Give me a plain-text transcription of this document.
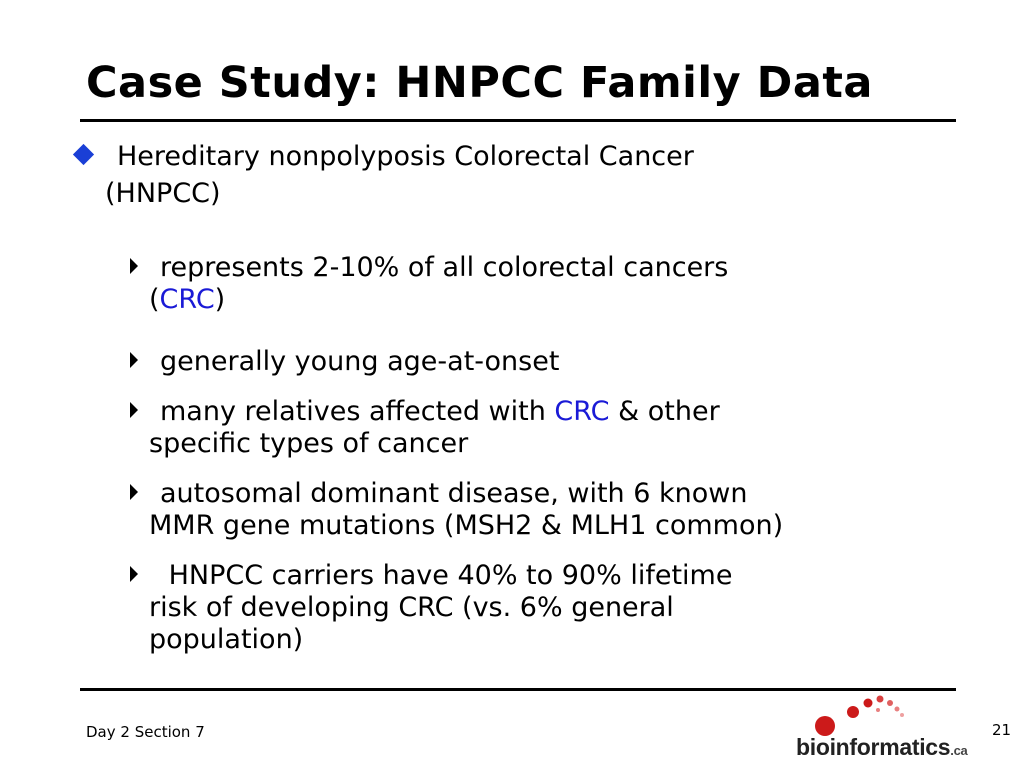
Case Study: HNPCC Family Data
Hereditary nonpolyposis Colorectal Cancer
(HNPCC)
represents 2-10% of all colorectal cancers
(CRC)
generally young age-at-onset
many relatives affected with CRC & other
specific types of cancer
autosomal dominant disease, with 6 known
MMR gene mutations (MSH2 & MLH1 common)
HNPCC carriers have 40% to 90% lifetime
risk of developing CRC (vs. 6% general
population)
Day 2 Section 7	21
bioinformatics.ca
